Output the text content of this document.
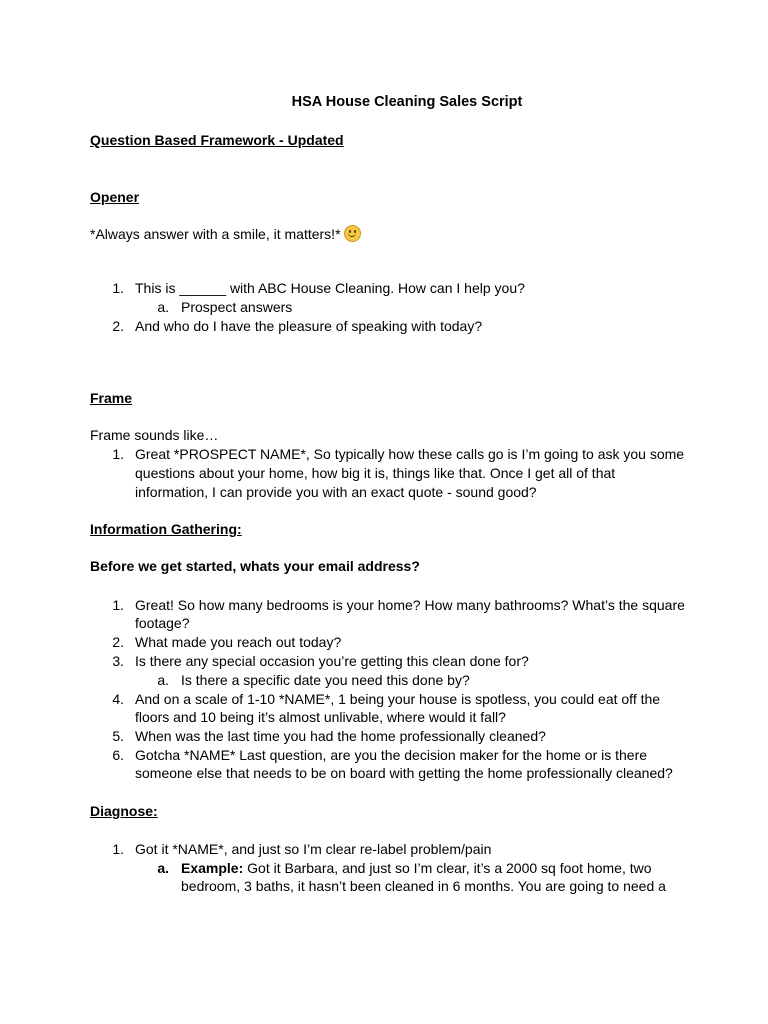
HSA House Cleaning Sales Script
Question Based Framework - Updated
Opener
*Always answer with a smile, it matters!*
1. This is ______ with ABC House Cleaning. How can I help you?
a. Prospect answers
2. And who do I have the pleasure of speaking with today?
Frame
Frame sounds like…
1. Great *PROSPECT NAME*, So typically how these calls go is I’m going to ask you some
questions about your home, how big it is, things like that. Once I get all of that
information, I can provide you with an exact quote - sound good?
Information Gathering:
Before we get started, whats your email address?
1. Great! So how many bedrooms is your home? How many bathrooms? What’s the square
footage?
2. What made you reach out today?
3. Is there any special occasion you’re getting this clean done for?
a. Is there a specific date you need this done by?
4. And on a scale of 1-10 *NAME*, 1 being your house is spotless, you could eat off the
floors and 10 being it’s almost unlivable, where would it fall?
5. When was the last time you had the home professionally cleaned?
6. Gotcha *NAME* Last question, are you the decision maker for the home or is there
someone else that needs to be on board with getting the home professionally cleaned?
Diagnose:
1. Got it *NAME*, and just so I’m clear re-label problem/pain
a. Example: Got it Barbara, and just so I’m clear, it’s a 2000 sq foot home, two
bedroom, 3 baths, it hasn’t been cleaned in 6 months. You are going to need a
